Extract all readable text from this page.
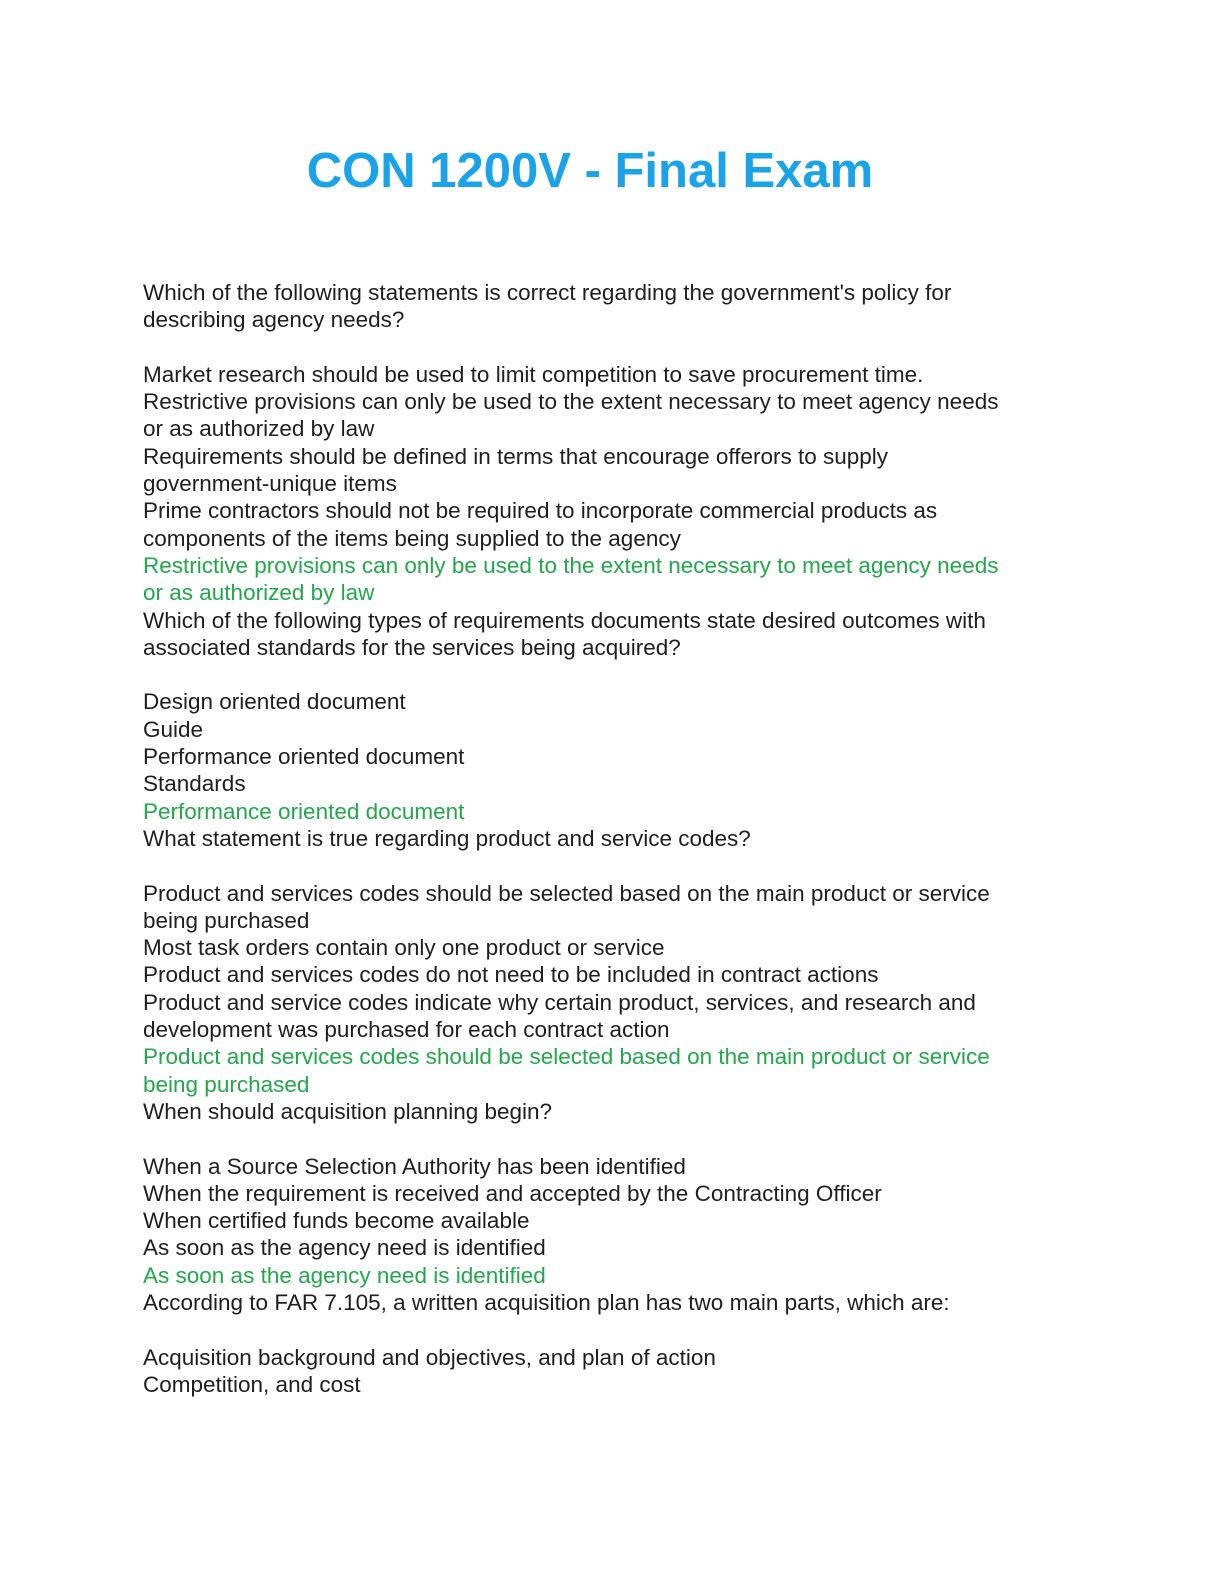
CON 1200V - Final Exam
Which of the following statements is correct regarding the government's policy for
describing agency needs?
Market research should be used to limit competition to save procurement time.
Restrictive provisions can only be used to the extent necessary to meet agency needs
or as authorized by law
Requirements should be defined in terms that encourage offerors to supply
government-unique items
Prime contractors should not be required to incorporate commercial products as
components of the items being supplied to the agency
Restrictive provisions can only be used to the extent necessary to meet agency needs
or as authorized by law
Which of the following types of requirements documents state desired outcomes with
associated standards for the services being acquired?
Design oriented document
Guide
Performance oriented document
Standards
Performance oriented document
What statement is true regarding product and service codes?
Product and services codes should be selected based on the main product or service
being purchased
Most task orders contain only one product or service
Product and services codes do not need to be included in contract actions
Product and service codes indicate why certain product, services, and research and
development was purchased for each contract action
Product and services codes should be selected based on the main product or service
being purchased
When should acquisition planning begin?
When a Source Selection Authority has been identified
When the requirement is received and accepted by the Contracting Officer
When certified funds become available
As soon as the agency need is identified
As soon as the agency need is identified
According to FAR 7.105, a written acquisition plan has two main parts, which are:
Acquisition background and objectives, and plan of action
Competition, and cost
